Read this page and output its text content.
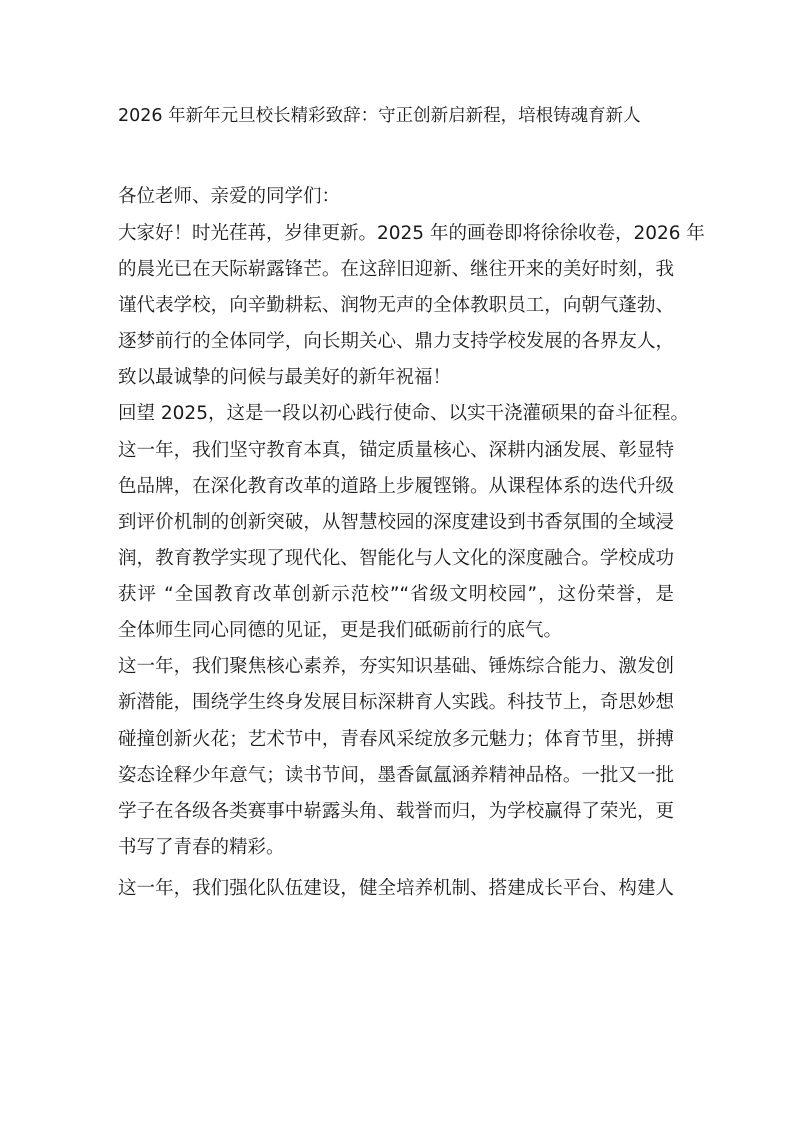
2026 年新年元旦校长精彩致辞：守正创新启新程，培根铸魂育新人
各位老师、亲爱的同学们：
大家好！时光荏苒，岁律更新。2025 年的画卷即将徐徐收卷，2026 年
的晨光已在天际崭露锋芒。在这辞旧迎新、继往开来的美好时刻，我
谨代表学校，向辛勤耕耘、润物无声的全体教职员工，向朝气蓬勃、
逐梦前行的全体同学，向长期关心、鼎力支持学校发展的各界友人，
致以最诚挚的问候与最美好的新年祝福！
回望 2025，这是一段以初心践行使命、以实干浇灌硕果的奋斗征程。
这一年，我们坚守教育本真，锚定质量核心、深耕内涵发展、彰显特
色品牌，在深化教育改革的道路上步履铿锵。从课程体系的迭代升级
到评价机制的创新突破，从智慧校园的深度建设到书香氛围的全域浸
润，教育教学实现了现代化、智能化与人文化的深度融合。学校成功
获评 “全国教育改革创新示范校”“省级文明校园”，这份荣誉，是
全体师生同心同德的见证，更是我们砥砺前行的底气。
这一年，我们聚焦核心素养，夯实知识基础、锤炼综合能力、激发创
新潜能，围绕学生终身发展目标深耕育人实践。科技节上，奇思妙想
碰撞创新火花；艺术节中，青春风采绽放多元魅力；体育节里，拼搏
姿态诠释少年意气；读书节间，墨香氤氲涵养精神品格。一批又一批
学子在各级各类赛事中崭露头角、载誉而归，为学校赢得了荣光，更
书写了青春的精彩。
这一年，我们强化队伍建设，健全培养机制、搭建成长平台、构建人
